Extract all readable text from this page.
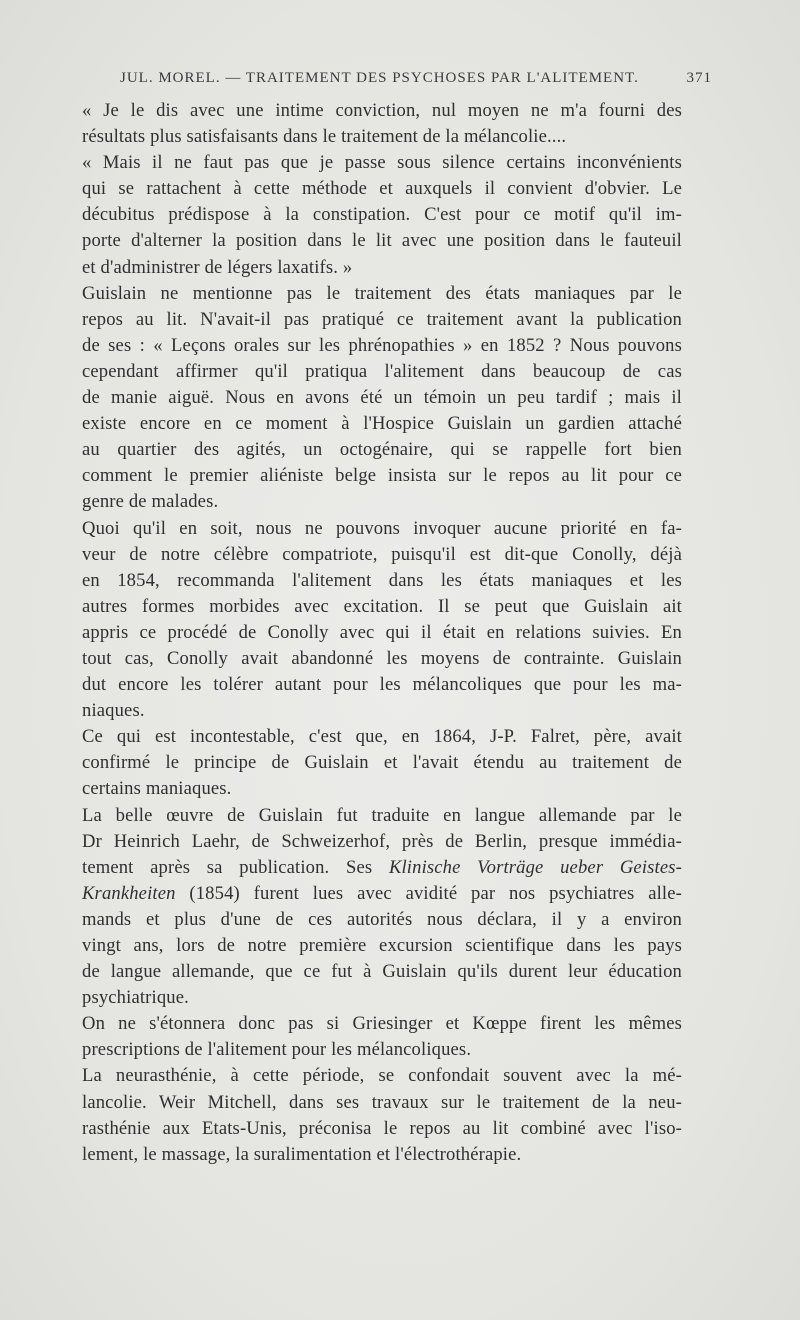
JUL. MOREL. — TRAITEMENT DES PSYCHOSES PAR L'ALITEMENT.	371

« Je le dis avec une intime conviction, nul moyen ne m'a fourni des
résultats plus satisfaisants dans le traitement de la mélancolie....

« Mais il ne faut pas que je passe sous silence certains inconvénients
qui se rattachent à cette méthode et auxquels il convient d'obvier. Le
décubitus prédispose à la constipation. C'est pour ce motif qu'il im-
porte d'alterner la position dans le lit avec une position dans le fauteuil
et d'administrer de légers laxatifs. »

Guislain ne mentionne pas le traitement des états maniaques par le
repos au lit. N'avait-il pas pratiqué ce traitement avant la publication
de ses : « Leçons orales sur les phrénopathies » en 1852 ? Nous pouvons
cependant affirmer qu'il pratiqua l'alitement dans beaucoup de cas
de manie aiguë. Nous en avons été un témoin un peu tardif ; mais il
existe encore en ce moment à l'Hospice Guislain un gardien attaché
au quartier des agités, un octogénaire, qui se rappelle fort bien
comment le premier aliéniste belge insista sur le repos au lit pour ce
genre de malades.

Quoi qu'il en soit, nous ne pouvons invoquer aucune priorité en fa-
veur de notre célèbre compatriote, puisqu'il est dit-que Conolly, déjà
en 1854, recommanda l'alitement dans les états maniaques et les
autres formes morbides avec excitation. Il se peut que Guislain ait
appris ce procédé de Conolly avec qui il était en relations suivies. En
tout cas, Conolly avait abandonné les moyens de contrainte. Guislain
dut encore les tolérer autant pour les mélancoliques que pour les ma-
niaques.

Ce qui est incontestable, c'est que, en 1864, J-P. Falret, père, avait
confirmé le principe de Guislain et l'avait étendu au traitement de
certains maniaques.

La belle œuvre de Guislain fut traduite en langue allemande par le
Dr Heinrich Laehr, de Schweizerhof, près de Berlin, presque immédia-
tement après sa publication. Ses Klinische Vorträge ueber Geistes-
Krankheiten (1854) furent lues avec avidité par nos psychiatres alle-
mands et plus d'une de ces autorités nous déclara, il y a environ
vingt ans, lors de notre première excursion scientifique dans les pays
de langue allemande, que ce fut à Guislain qu'ils durent leur éducation
psychiatrique.

On ne s'étonnera donc pas si Griesinger et Kœppe firent les mêmes
prescriptions de l'alitement pour les mélancoliques.

La neurasthénie, à cette période, se confondait souvent avec la mé-
lancolie. Weir Mitchell, dans ses travaux sur le traitement de la neu-
rasthénie aux Etats-Unis, préconisa le repos au lit combiné avec l'iso-
lement, le massage, la suralimentation et l'électrothérapie.
